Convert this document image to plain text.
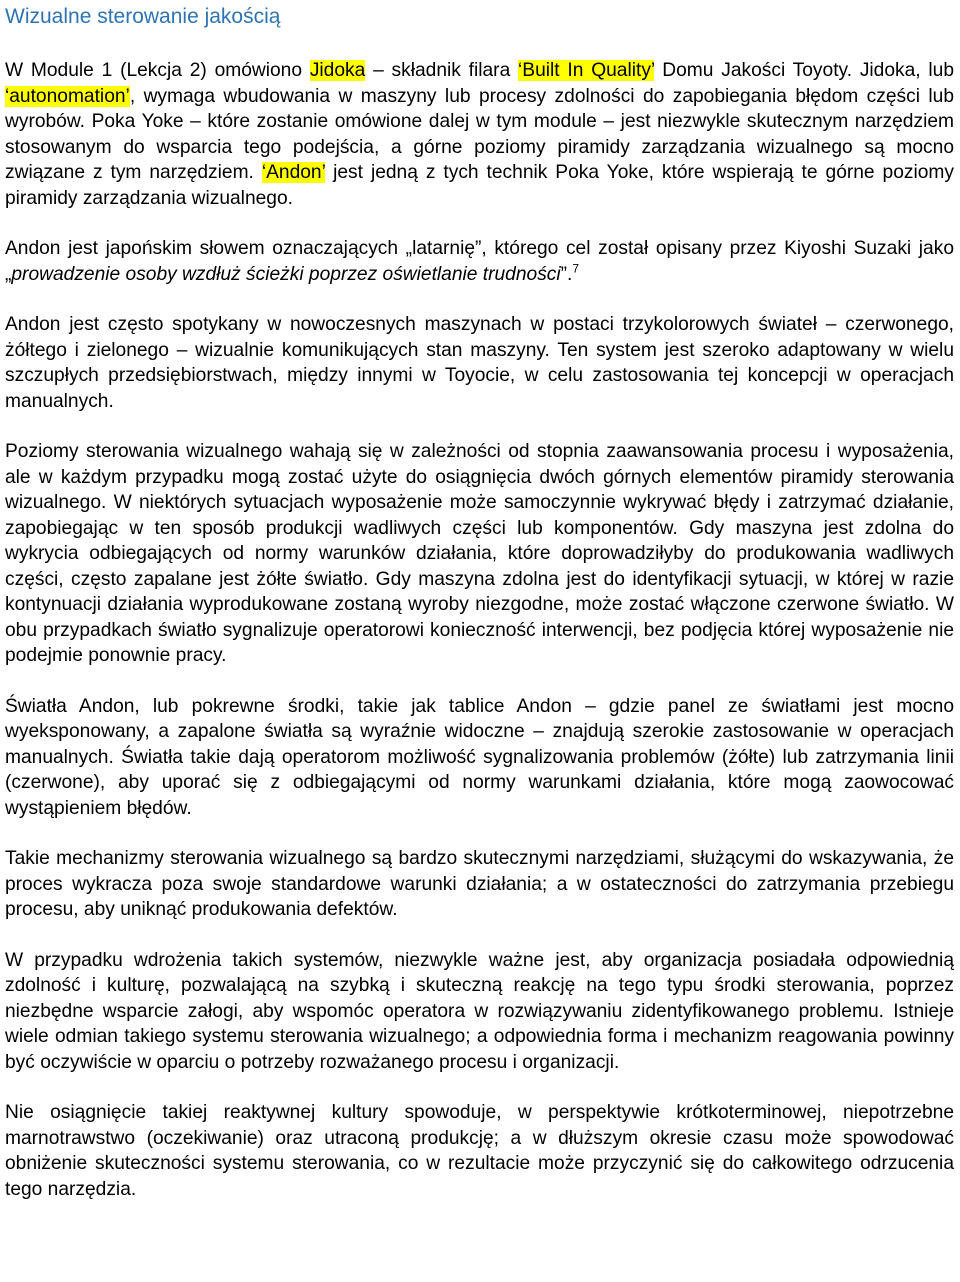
Wizualne sterowanie jakością

W Module 1 (Lekcja 2) omówiono Jidoka – składnik filara ‘Built In Quality’ Domu Jakości Toyoty. Jidoka, lub ‘autonomation’, wymaga wbudowania w maszyny lub procesy zdolności do zapobiegania błędom części lub wyrobów. Poka Yoke – które zostanie omówione dalej w tym module – jest niezwykle skutecznym narzędziem stosowanym do wsparcia tego podejścia, a górne poziomy piramidy zarządzania wizualnego są mocno związane z tym narzędziem. ‘Andon’ jest jedną z tych technik Poka Yoke, które wspierają te górne poziomy piramidy zarządzania wizualnego.

Andon jest japońskim słowem oznaczających „latarnię”, którego cel został opisany przez Kiyoshi Suzaki jako „prowadzenie osoby wzdłuż ścieżki poprzez oświetlanie trudności”.$^7$

Andon jest często spotykany w nowoczesnych maszynach w postaci trzykolorowych świateł – czerwonego, żółtego i zielonego – wizualnie komunikujących stan maszyny. Ten system jest szeroko adaptowany w wielu szczupłych przedsiębiorstwach, między innymi w Toyocie, w celu zastosowania tej koncepcji w operacjach manualnych.

Poziomy sterowania wizualnego wahają się w zależności od stopnia zaawansowania procesu i wyposażenia, ale w każdym przypadku mogą zostać użyte do osiągnięcia dwóch górnych elementów piramidy sterowania wizualnego. W niektórych sytuacjach wyposażenie może samoczynnie wykrywać błędy i zatrzymać działanie, zapobiegając w ten sposób produkcji wadliwych części lub komponentów. Gdy maszyna jest zdolna do wykrycia odbiegających od normy warunków działania, które doprowadziłyby do produkowania wadliwych części, często zapalane jest żółte światło. Gdy maszyna zdolna jest do identyfikacji sytuacji, w której w razie kontynuacji działania wyprodukowane zostaną wyroby niezgodne, może zostać włączone czerwone światło. W obu przypadkach światło sygnalizuje operatorowi konieczność interwencji, bez podjęcia której wyposażenie nie podejmie ponownie pracy.

Światła Andon, lub pokrewne środki, takie jak tablice Andon – gdzie panel ze światłami jest mocno wyeksponowany, a zapalone światła są wyraźnie widoczne – znajdują szerokie zastosowanie w operacjach manualnych. Światła takie dają operatorom możliwość sygnalizowania problemów (żółte) lub zatrzymania linii (czerwone), aby uporać się z odbiegającymi od normy warunkami działania, które mogą zaowocować wystąpieniem błędów.

Takie mechanizmy sterowania wizualnego są bardzo skutecznymi narzędziami, służącymi do wskazywania, że proces wykracza poza swoje standardowe warunki działania; a w ostateczności do zatrzymania przebiegu procesu, aby uniknąć produkowania defektów.

W przypadku wdrożenia takich systemów, niezwykle ważne jest, aby organizacja posiadała odpowiednią zdolność i kulturę, pozwalającą na szybką i skuteczną reakcję na tego typu środki sterowania, poprzez niezbędne wsparcie załogi, aby wspomóc operatora w rozwiązywaniu zidentyfikowanego problemu. Istnieje wiele odmian takiego systemu sterowania wizualnego; a odpowiednia forma i mechanizm reagowania powinny być oczywiście w oparciu o potrzeby rozważanego procesu i organizacji.

Nie osiągnięcie takiej reaktywnej kultury spowoduje, w perspektywie krótkoterminowej, niepotrzebne marnotrawstwo (oczekiwanie) oraz utraconą produkcję; a w dłuższym okresie czasu może spowodować obniżenie skuteczności systemu sterowania, co w rezultacie może przyczynić się do całkowitego odrzucenia tego narzędzia.
